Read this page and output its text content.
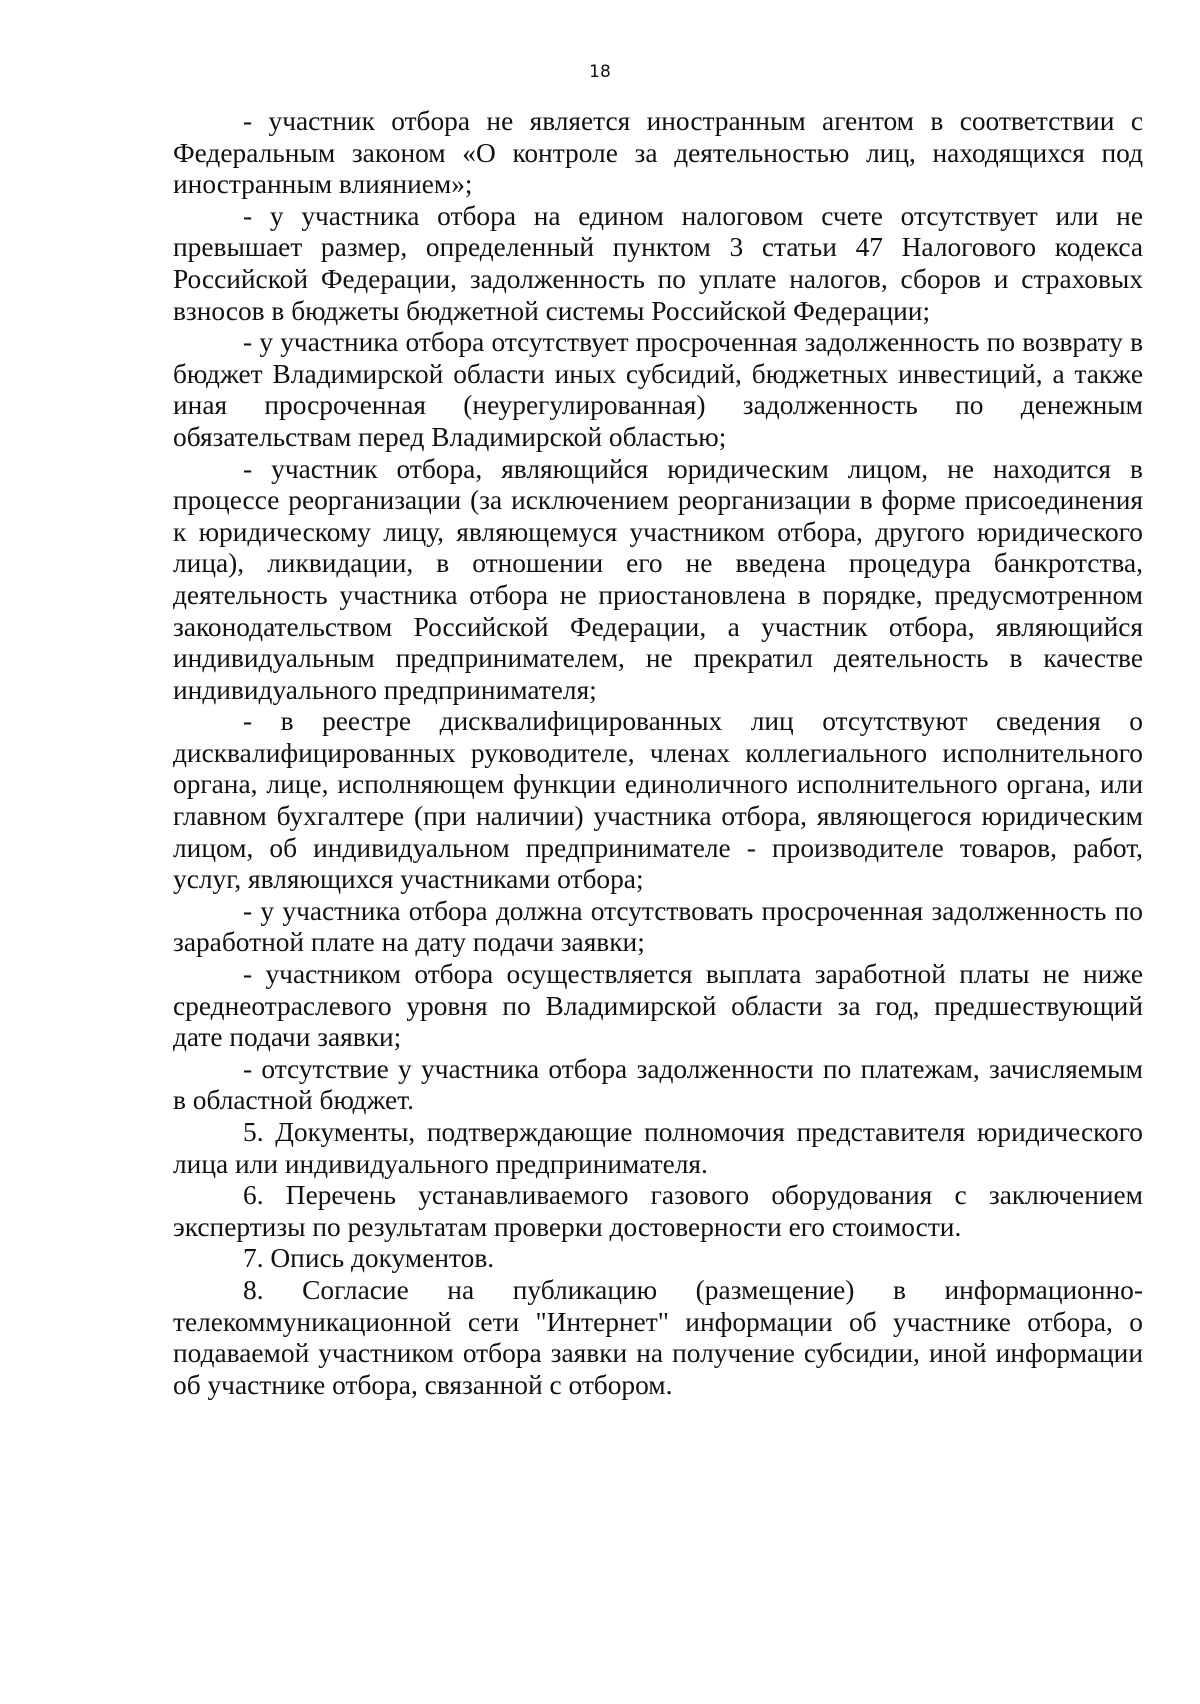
18

- участник отбора не является иностранным агентом в соответствии с Федеральным законом «О контроле за деятельностью лиц, находящихся под иностранным влиянием»;

- у участника отбора на едином налоговом счете отсутствует или не превышает размер, определенный пунктом 3 статьи 47 Налогового кодекса Российской Федерации, задолженность по уплате налогов, сборов и страховых взносов в бюджеты бюджетной системы Российской Федерации;

- у участника отбора отсутствует просроченная задолженность по возврату в бюджет Владимирской области иных субсидий, бюджетных инвестиций, а также иная просроченная (неурегулированная) задолженность по денежным обязательствам перед Владимирской областью;

- участник отбора, являющийся юридическим лицом, не находится в процессе реорганизации (за исключением реорганизации в форме присоединения к юридическому лицу, являющемуся участником отбора, другого юридического лица), ликвидации, в отношении его не введена процедура банкротства, деятельность участника отбора не приостановлена в порядке, предусмотренном законодательством Российской Федерации, а участник отбора, являющийся индивидуальным предпринимателем, не прекратил деятельность в качестве индивидуального предпринимателя;

- в реестре дисквалифицированных лиц отсутствуют сведения о дисквалифицированных руководителе, членах коллегиального исполнительного органа, лице, исполняющем функции единоличного исполнительного органа, или главном бухгалтере (при наличии) участника отбора, являющегося юридическим лицом, об индивидуальном предпринимателе - производителе товаров, работ, услуг, являющихся участниками отбора;

- у участника отбора должна отсутствовать просроченная задолженность по заработной плате на дату подачи заявки;

- участником отбора осуществляется выплата заработной платы не ниже среднеотраслевого уровня по Владимирской области за год, предшествующий дате подачи заявки;

- отсутствие у участника отбора задолженности по платежам, зачисляемым в областной бюджет.

5. Документы, подтверждающие полномочия представителя юридического лица или индивидуального предпринимателя.

6. Перечень устанавливаемого газового оборудования с заключением экспертизы по результатам проверки достоверности его стоимости.

7. Опись документов.

8. Согласие на публикацию (размещение) в информационно-телекоммуникационной сети "Интернет" информации об участнике отбора, о подаваемой участником отбора заявки на получение субсидии, иной информации об участнике отбора, связанной с отбором.
